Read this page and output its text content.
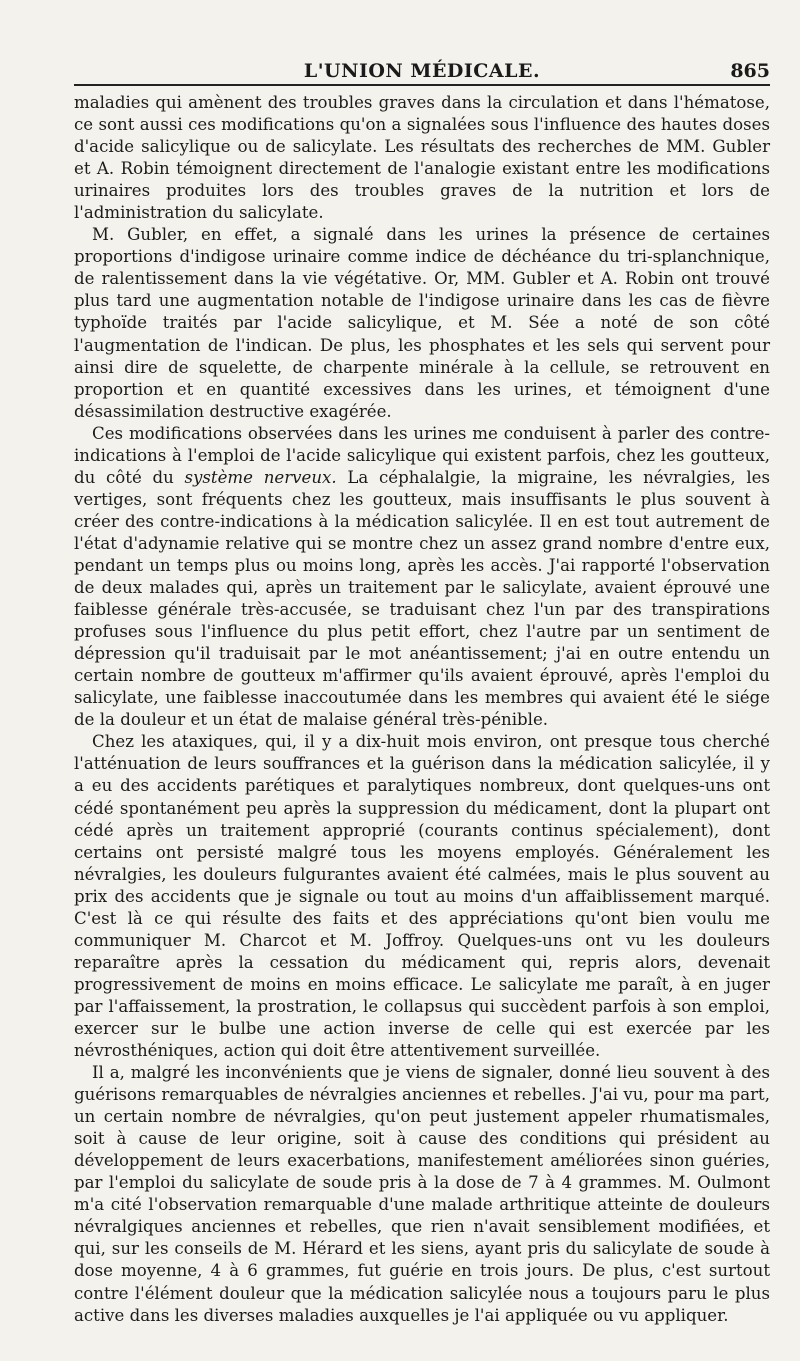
L'UNION MÉDICALE.	865

maladies qui amènent des troubles graves dans la circulation et dans l'hématose, ce sont aussi ces modifications qu'on a signalées sous l'influence des hautes doses d'acide salicylique ou de salicylate. Les résultats des recherches de MM. Gubler et A. Robin témoignent directement de l'analogie existant entre les modifications urinaires produites lors des troubles graves de la nutrition et lors de l'administration du salicylate.

M. Gubler, en effet, a signalé dans les urines la présence de certaines proportions d'indigose urinaire comme indice de déchéance du tri-splanchnique, de ralentissement dans la vie végétative. Or, MM. Gubler et A. Robin ont trouvé plus tard une augmentation notable de l'indigose urinaire dans les cas de fièvre typhoïde traités par l'acide salicylique, et M. Sée a noté de son côté l'augmentation de l'indican. De plus, les phosphates et les sels qui servent pour ainsi dire de squelette, de charpente minérale à la cellule, se retrouvent en proportion et en quantité excessives dans les urines, et témoignent d'une désassimilation destructive exagérée.

Ces modifications observées dans les urines me conduisent à parler des contre-indications à l'emploi de l'acide salicylique qui existent parfois, chez les goutteux, du côté du système nerveux. La céphalalgie, la migraine, les névralgies, les vertiges, sont fréquents chez les goutteux, mais insuffisants le plus souvent à créer des contre-indications à la médication salicylée. Il en est tout autrement de l'état d'adynamie relative qui se montre chez un assez grand nombre d'entre eux, pendant un temps plus ou moins long, après les accès. J'ai rapporté l'observation de deux malades qui, après un traitement par le salicylate, avaient éprouvé une faiblesse générale très-accusée, se traduisant chez l'un par des transpirations profuses sous l'influence du plus petit effort, chez l'autre par un sentiment de dépression qu'il traduisait par le mot anéantissement; j'ai en outre entendu un certain nombre de goutteux m'affirmer qu'ils avaient éprouvé, après l'emploi du salicylate, une faiblesse inaccoutumée dans les membres qui avaient été le siége de la douleur et un état de malaise général très-pénible.

Chez les ataxiques, qui, il y a dix-huit mois environ, ont presque tous cherché l'atténuation de leurs souffrances et la guérison dans la médication salicylée, il y a eu des accidents parétiques et paralytiques nombreux, dont quelques-uns ont cédé spontanément peu après la suppression du médicament, dont la plupart ont cédé après un traitement approprié (courants continus spécialement), dont certains ont persisté malgré tous les moyens employés. Généralement les névralgies, les douleurs fulgurantes avaient été calmées, mais le plus souvent au prix des accidents que je signale ou tout au moins d'un affaiblissement marqué. C'est là ce qui résulte des faits et des appréciations qu'ont bien voulu me communiquer M. Charcot et M. Joffroy. Quelques-uns ont vu les douleurs reparaître après la cessation du médicament qui, repris alors, devenait progressivement de moins en moins efficace. Le salicylate me paraît, à en juger par l'affaissement, la prostration, le collapsus qui succèdent parfois à son emploi, exercer sur le bulbe une action inverse de celle qui est exercée par les névrosthéniques, action qui doit être attentivement surveillée.

Il a, malgré les inconvénients que je viens de signaler, donné lieu souvent à des guérisons remarquables de névralgies anciennes et rebelles. J'ai vu, pour ma part, un certain nombre de névralgies, qu'on peut justement appeler rhumatismales, soit à cause de leur origine, soit à cause des conditions qui président au développement de leurs exacerbations, manifestement améliorées sinon guéries, par l'emploi du salicylate de soude pris à la dose de 7 à 4 grammes. M. Oulmont m'a cité l'observation remarquable d'une malade arthritique atteinte de douleurs névralgiques anciennes et rebelles, que rien n'avait sensiblement modifiées, et qui, sur les conseils de M. Hérard et les siens, ayant pris du salicylate de soude à dose moyenne, 4 à 6 grammes, fut guérie en trois jours. De plus, c'est surtout contre l'élément douleur que la médication salicylée nous a toujours paru le plus active dans les diverses maladies auxquelles je l'ai appliquée ou vu appliquer.
